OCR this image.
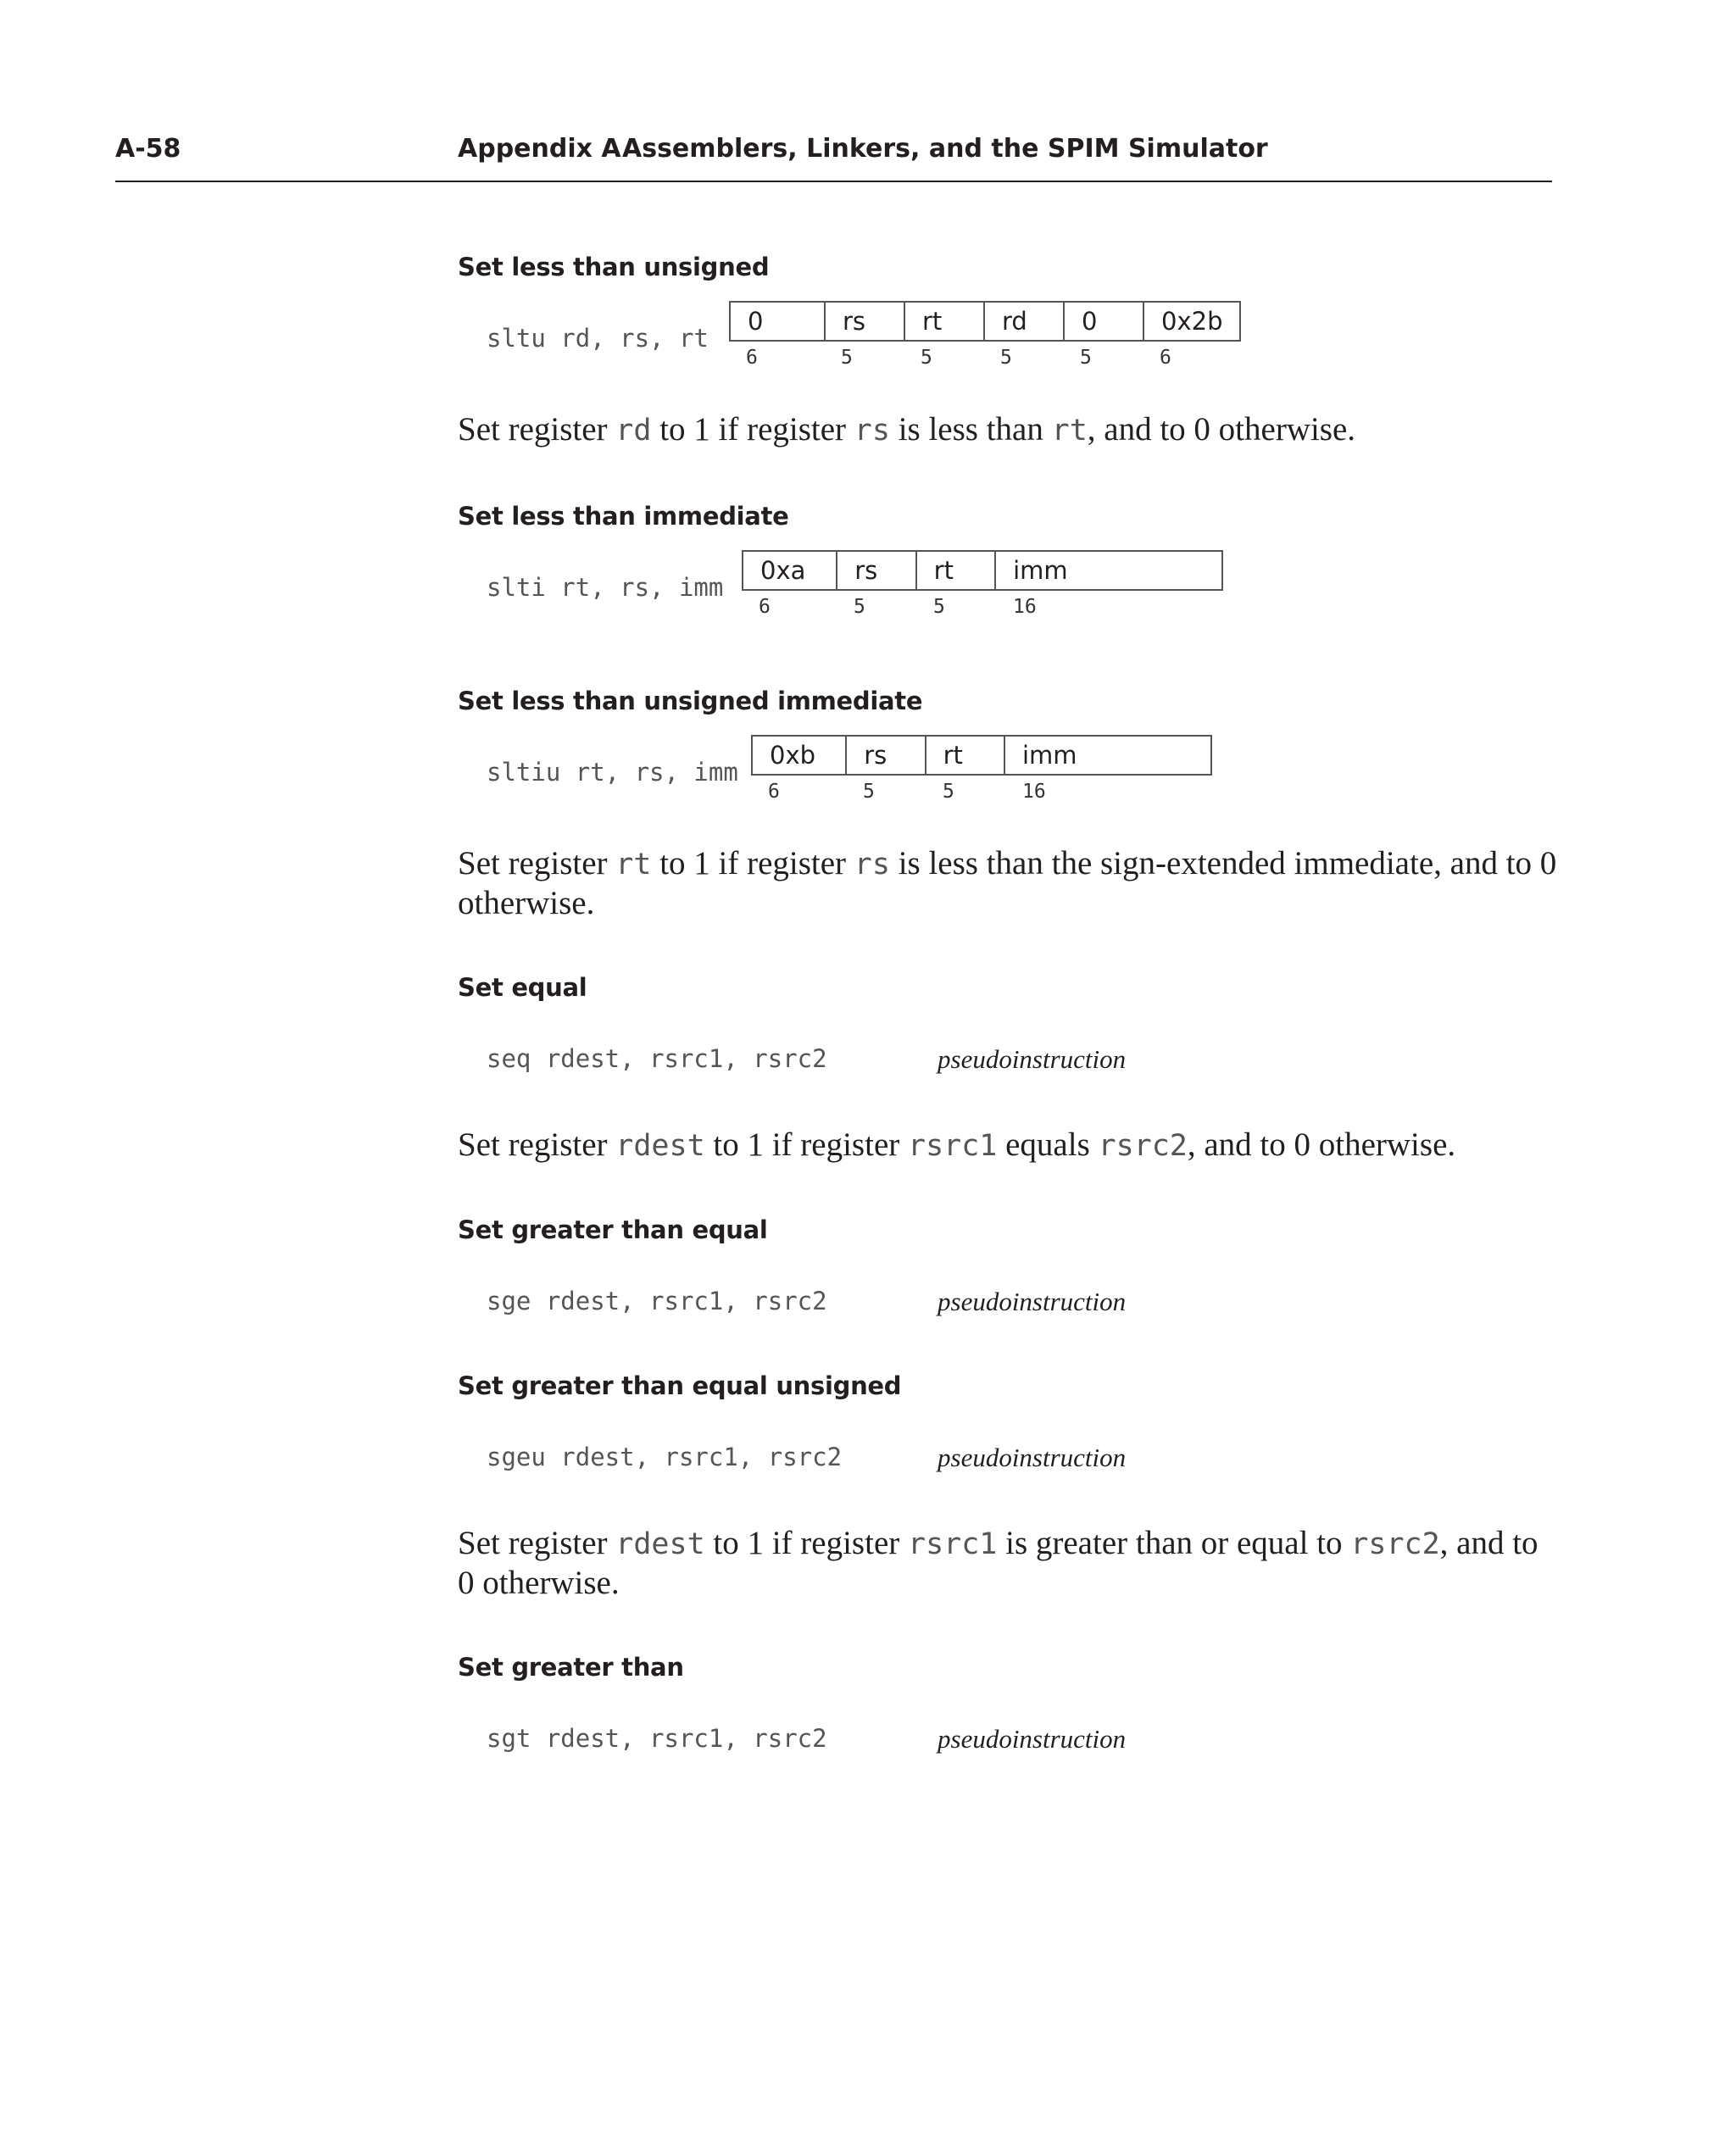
A-58	Appendix A Assemblers, Linkers, and the SPIM Simulator
Set less than unsigned
sltu rd, rs, rt
0	rs	rt	rd	0	0x2b
6	5	5	5	5	6
Set register rd to 1 if register rs is less than rt, and to 0 otherwise.
Set less than immediate
slti rt, rs, imm
0xa	rs	rt	imm
6	5	5	16
Set less than unsigned immediate
sltiu rt, rs, imm
0xb	rs	rt	imm
6	5	5	16
Set register rt to 1 if register rs is less than the sign-extended immediate, and to 0 otherwise.
Set equal
seq rdest, rsrc1, rsrc2	pseudoinstruction
Set register rdest to 1 if register rsrc1 equals rsrc2, and to 0 otherwise.
Set greater than equal
sge rdest, rsrc1, rsrc2	pseudoinstruction
Set greater than equal unsigned
sgeu rdest, rsrc1, rsrc2	pseudoinstruction
Set register rdest to 1 if register rsrc1 is greater than or equal to rsrc2, and to 0 otherwise.
Set greater than
sgt rdest, rsrc1, rsrc2	pseudoinstruction
